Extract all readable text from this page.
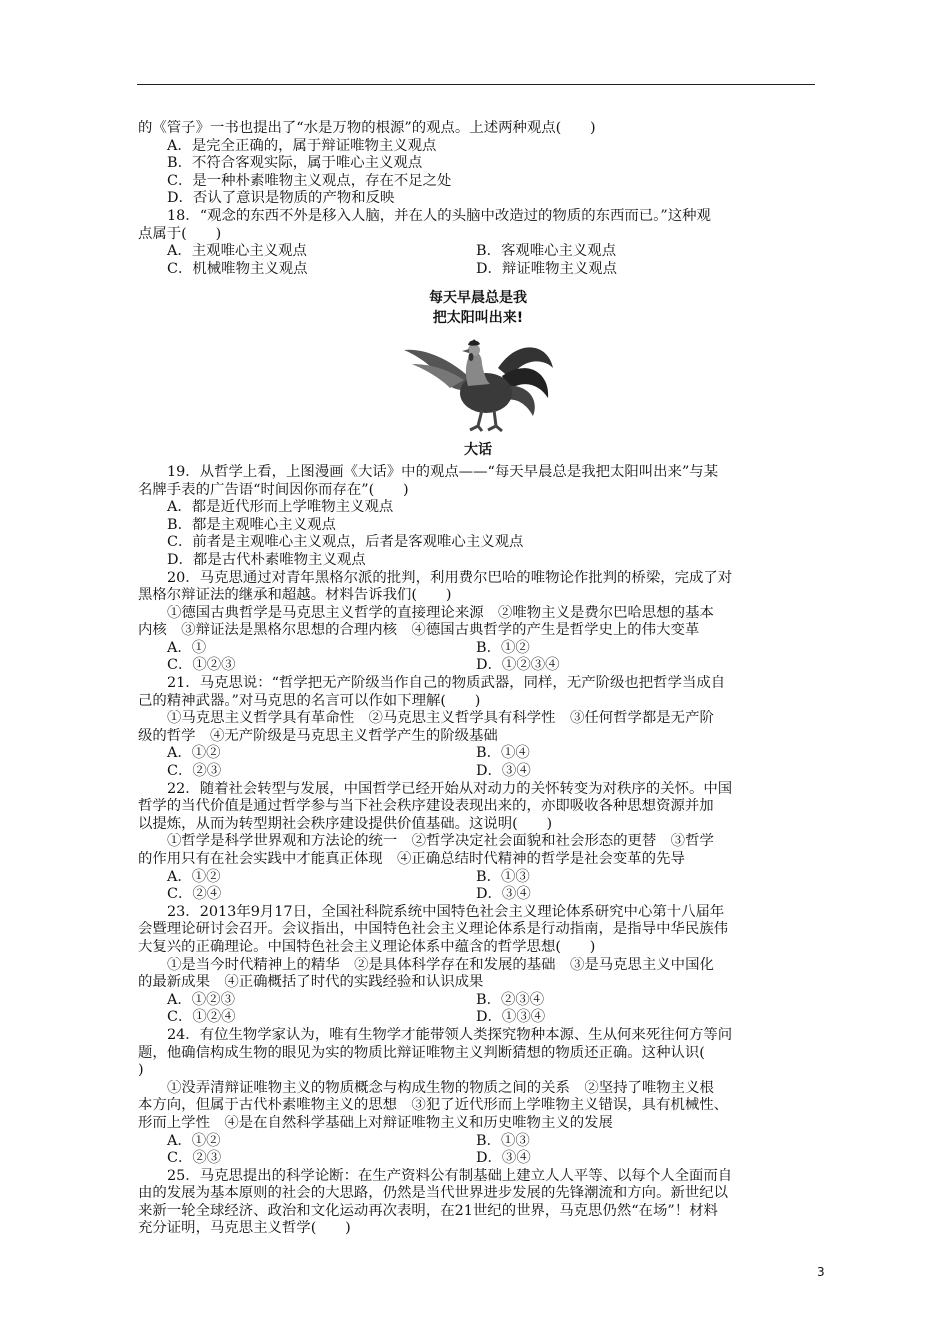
的《管子》一书也提出了“水是万物的根源”的观点。上述两种观点(　　)
A．是完全正确的，属于辩证唯物主义观点
B．不符合客观实际，属于唯心主义观点
C．是一种朴素唯物主义观点，存在不足之处
D．否认了意识是物质的产物和反映
18．“观念的东西不外是移入人脑，并在人的头脑中改造过的物质的东西而已。”这种观
点属于(　　)
A．主观唯心主义观点	B．客观唯心主义观点
C．机械唯物主义观点	D．辩证唯物主义观点
每天早晨总是我
把太阳叫出来!
大话
19．从哲学上看，上图漫画《大话》中的观点——“每天早晨总是我把太阳叫出来”与某
名牌手表的广告语“时间因你而存在”(　　)
A．都是近代形而上学唯物主义观点
B．都是主观唯心主义观点
C．前者是主观唯心主义观点，后者是客观唯心主义观点
D．都是古代朴素唯物主义观点
20．马克思通过对青年黑格尔派的批判，利用费尔巴哈的唯物论作批判的桥梁，完成了对
黑格尔辩证法的继承和超越。材料告诉我们(　　)
①德国古典哲学是马克思主义哲学的直接理论来源　②唯物主义是费尔巴哈思想的基本
内核　③辩证法是黑格尔思想的合理内核　④德国古典哲学的产生是哲学史上的伟大变革
A．①	B．①②
C．①②③	D．①②③④
21．马克思说：“哲学把无产阶级当作自己的物质武器，同样，无产阶级也把哲学当成自
己的精神武器。”对马克思的名言可以作如下理解(　　)
①马克思主义哲学具有革命性　②马克思主义哲学具有科学性　③任何哲学都是无产阶
级的哲学　④无产阶级是马克思主义哲学产生的阶级基础
A．①②	B．①④
C．②③	D．③④
22．随着社会转型与发展，中国哲学已经开始从对动力的关怀转变为对秩序的关怀。中国
哲学的当代价值是通过哲学参与当下社会秩序建设表现出来的，亦即吸收各种思想资源并加
以提炼，从而为转型期社会秩序建设提供价值基础。这说明(　　)
①哲学是科学世界观和方法论的统一　②哲学决定社会面貌和社会形态的更替　③哲学
的作用只有在社会实践中才能真正体现　④正确总结时代精神的哲学是社会变革的先导
A．①②	B．①③
C．②④	D．③④
23．2013年9月17日，全国社科院系统中国特色社会主义理论体系研究中心第十八届年
会暨理论研讨会召开。会议指出，中国特色社会主义理论体系是行动指南，是指导中华民族伟
大复兴的正确理论。中国特色社会主义理论体系中蕴含的哲学思想(　　)
①是当今时代精神上的精华　②是具体科学存在和发展的基础　③是马克思主义中国化
的最新成果　④正确概括了时代的实践经验和认识成果
A．①②③	B．②③④
C．①②④	D．①③④
24．有位生物学家认为，唯有生物学才能带领人类探究物种本源、生从何来死往何方等问
题，他确信构成生物的眼见为实的物质比辩证唯物主义判断猜想的物质还正确。这种认识(
)
①没弄清辩证唯物主义的物质概念与构成生物的物质之间的关系　②坚持了唯物主义根
本方向，但属于古代朴素唯物主义的思想　③犯了近代形而上学唯物主义错误，具有机械性、
形而上学性　④是在自然科学基础上对辩证唯物主义和历史唯物主义的发展
A．①②	B．①③
C．②③	D．③④
25．马克思提出的科学论断：在生产资料公有制基础上建立人人平等、以每个人全面而自
由的发展为基本原则的社会的大思路，仍然是当代世界进步发展的先锋潮流和方向。新世纪以
来新一轮全球经济、政治和文化运动再次表明，在21世纪的世界，马克思仍然“在场”！材料
充分证明，马克思主义哲学(　　)
3
